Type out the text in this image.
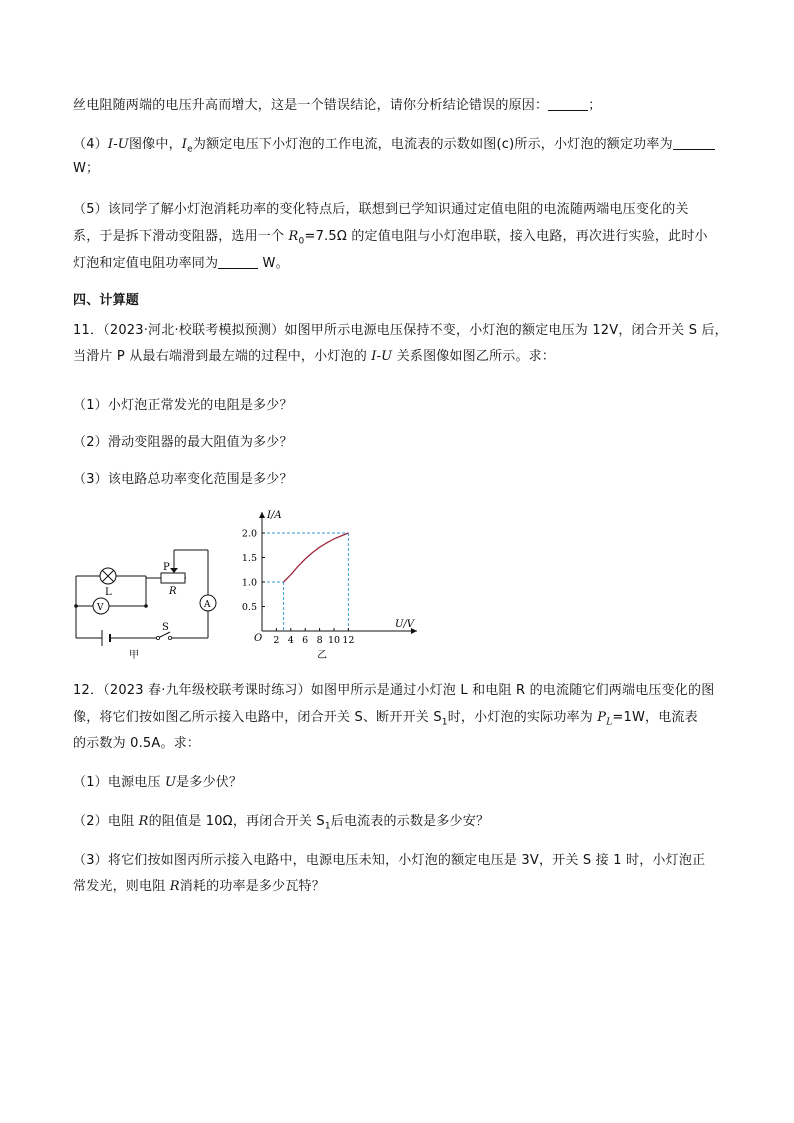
丝电阻随两端的电压升高而增大，这是一个错误结论，请你分析结论错误的原因：	；
（4）I-U图像中，$I_e$为额定电压下小灯泡的工作电流，电流表的示数如图(c)所示，小灯泡的额定功率为
W；
（5）该同学了解小灯泡消耗功率的变化特点后，联想到已学知识通过定值电阻的电流随两端电压变化的关
系，于是拆下滑动变阻器，选用一个 $R_0=7.5\Omega$ 的定值电阻与小灯泡串联，接入电路，再次进行实验，此时小
灯泡和定值电阻功率同为	W。
四、计算题
11．（2023·河北·校联考模拟预测）如图甲所示电源电压保持不变，小灯泡的额定电压为 12V，闭合开关 S 后，
当滑片 P 从最右端滑到最左端的过程中，小灯泡的 I-U 关系图像如图乙所示。求：
（1）小灯泡正常发光的电阻是多少？
（2）滑动变阻器的最大阻值为多少？
（3）该电路总功率变化范围是多少？
L
V	A
P
R
S
甲
2 4 6 8 10 12
0.5
1.0
1.5
2.0
I/A
U/V
O
乙
12．（2023 春·九年级校联考课时练习）如图甲所示是通过小灯泡 L 和电阻 R 的电流随它们两端电压变化的图
像，将它们按如图乙所示接入电路中，闭合开关 S、断开开关 $S_1$时，小灯泡的实际功率为 $P_L=1W$，电流表
的示数为 0.5A。求：
（1）电源电压 U是多少伏？
（2）电阻 R的阻值是 10Ω，再闭合开关 $S_1$后电流表的示数是多少安？
（3）将它们按如图丙所示接入电路中，电源电压未知，小灯泡的额定电压是 3V，开关 S 接 1 时，小灯泡正
常发光，则电阻 R消耗的功率是多少瓦特？
